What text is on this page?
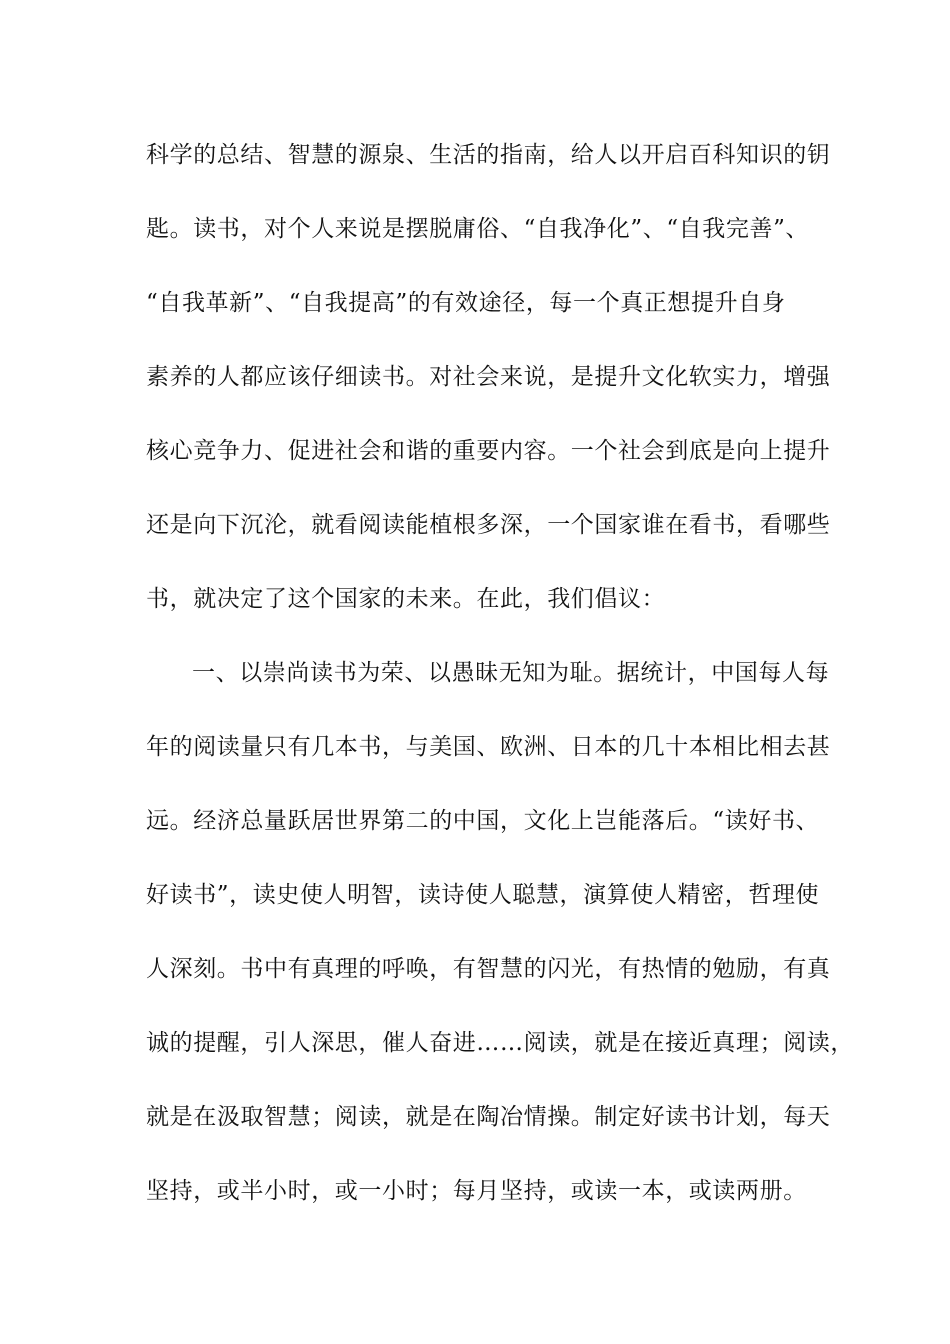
科学的总结、智慧的源泉、生活的指南，给人以开启百科知识的钥
匙。读书，对个人来说是摆脱庸俗、“自我净化”、“自我完善”、
“自我革新”、“自我提高”的有效途径，每一个真正想提升自身
素养的人都应该仔细读书。对社会来说，是提升文化软实力，增强
核心竞争力、促进社会和谐的重要内容。一个社会到底是向上提升
还是向下沉沦，就看阅读能植根多深，一个国家谁在看书，看哪些
书，就决定了这个国家的未来。在此，我们倡议：
一、以崇尚读书为荣、以愚昧无知为耻。据统计，中国每人每
年的阅读量只有几本书，与美国、欧洲、日本的几十本相比相去甚
远。经济总量跃居世界第二的中国，文化上岂能落后。“读好书、
好读书”，读史使人明智，读诗使人聪慧，演算使人精密，哲理使
人深刻。书中有真理的呼唤，有智慧的闪光，有热情的勉励，有真
诚的提醒，引人深思，催人奋进……阅读，就是在接近真理；阅读，
就是在汲取智慧；阅读，就是在陶冶情操。制定好读书计划，每天
坚持，或半小时，或一小时；每月坚持，或读一本，或读两册。
